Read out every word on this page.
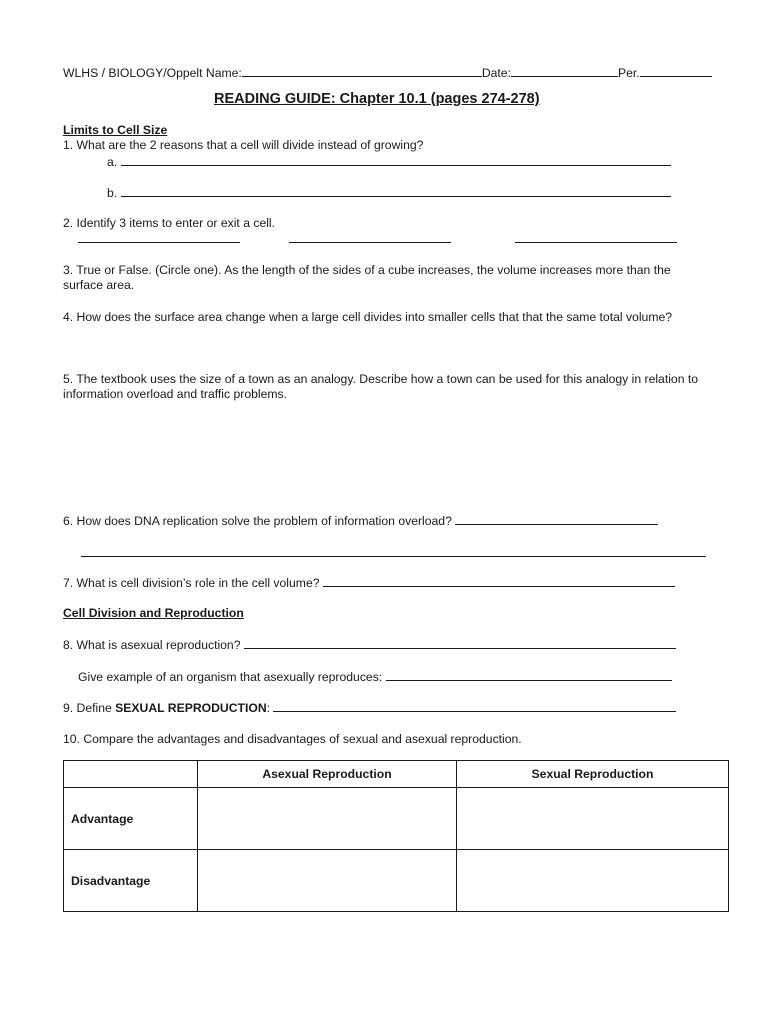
WLHS / BIOLOGY/Oppelt Name:	Date:	Per.
READING GUIDE: Chapter 10.1 (pages 274-278)
Limits to Cell Size
1. What are the 2 reasons that a cell will divide instead of growing?
a.
b.
2. Identify 3 items to enter or exit a cell.
3. True or False. (Circle one). As the length of the sides of a cube increases, the volume increases more than the surface area.
4. How does the surface area change when a large cell divides into smaller cells that that the same total volume?
5. The textbook uses the size of a town as an analogy. Describe how a town can be used for this analogy in relation to information overload and traffic problems.
6. How does DNA replication solve the problem of information overload?
7. What is cell division’s role in the cell volume?
Cell Division and Reproduction
8. What is asexual reproduction?
Give example of an organism that asexually reproduces:
9. Define SEXUAL REPRODUCTION:
10. Compare the advantages and disadvantages of sexual and asexual reproduction.
	Asexual Reproduction	Sexual Reproduction
Advantage		
Disadvantage		
